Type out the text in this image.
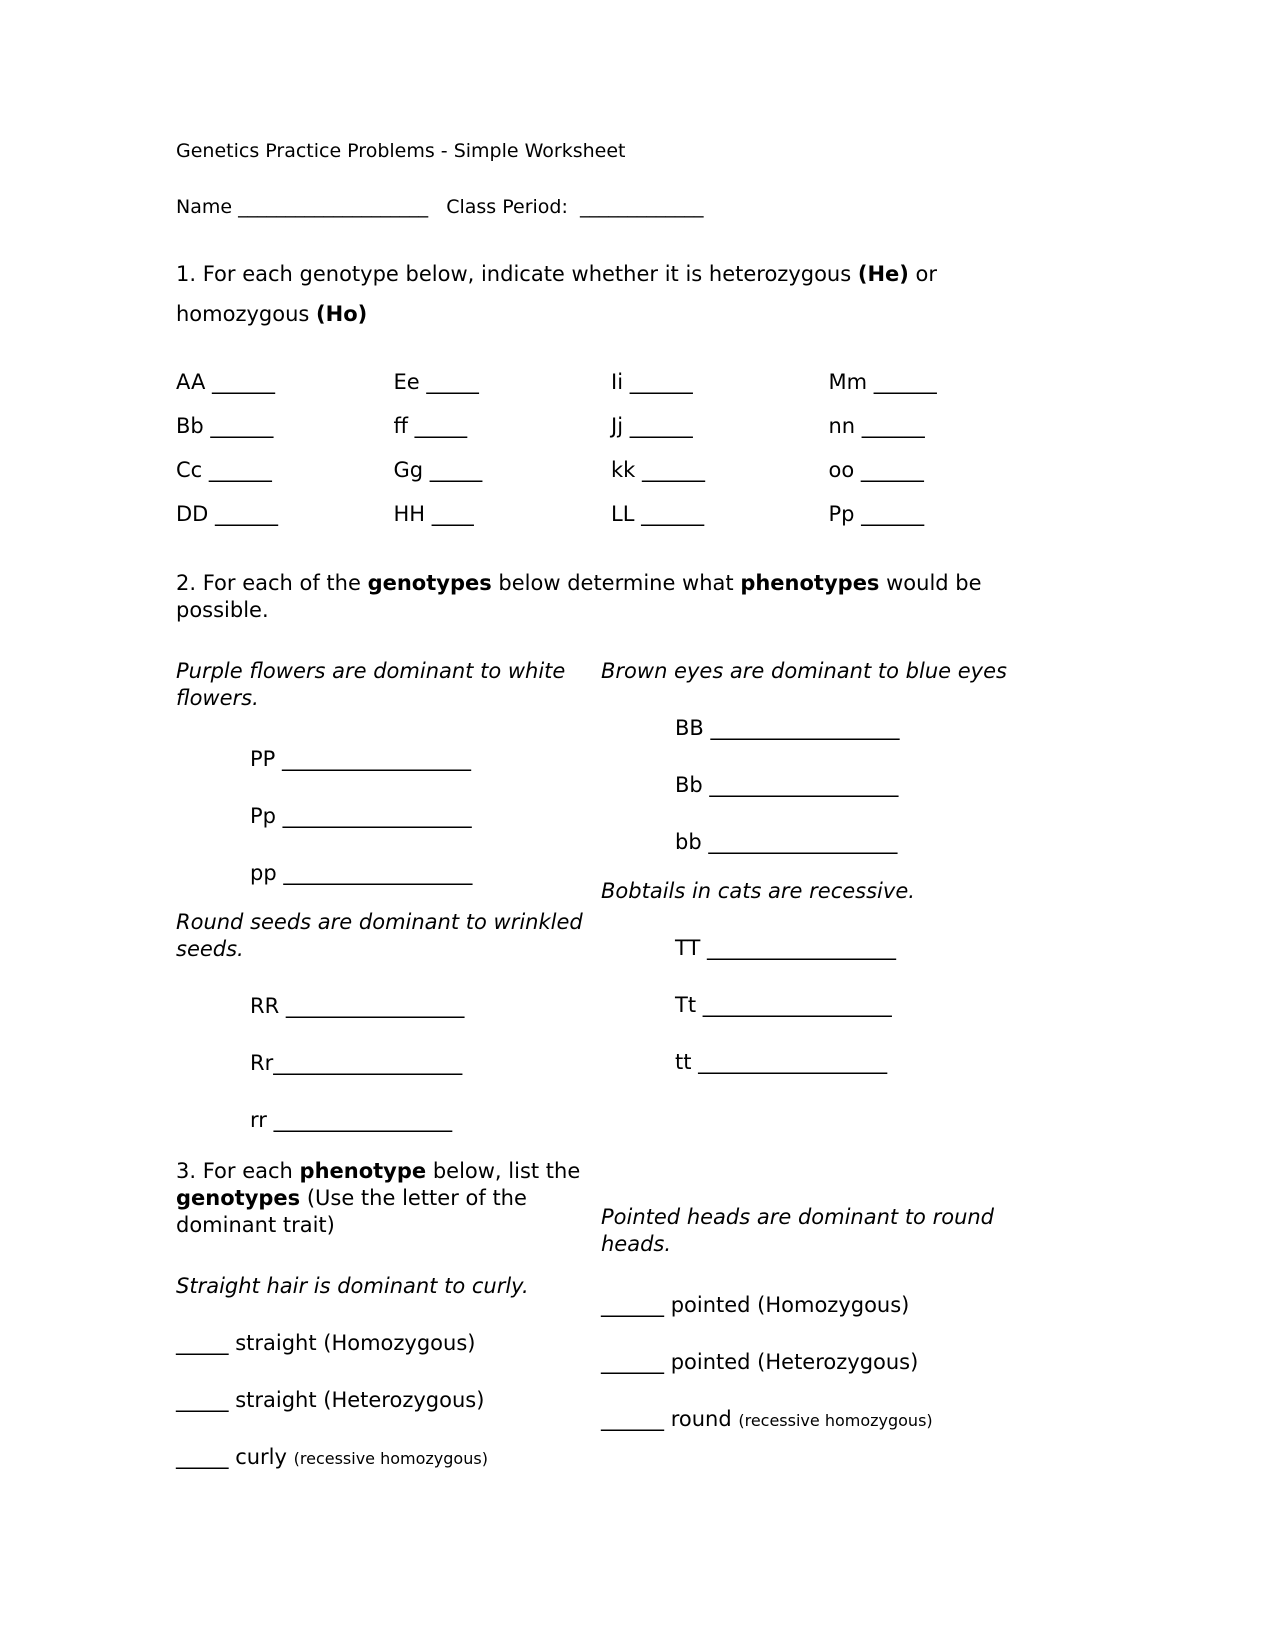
Genetics Practice Problems - Simple Worksheet
Name ____________________ Class Period:  _____________
1. For each genotype below, indicate whether it is heterozygous (He) or homozygous (Ho)
AA ______	Ee _____	Ii ______	Mm ______
Bb ______	ff _____	Jj ______	nn ______
Cc ______	Gg _____	kk ______	oo ______
DD ______	HH ____	LL ______	Pp ______
2. For each of the genotypes below determine what phenotypes would be possible.
Purple flowers are dominant to white flowers.
PP __________________
Pp __________________
pp __________________
Round seeds are dominant to wrinkled seeds.
RR _________________
Rr__________________
rr _________________
Brown eyes are dominant to blue eyes
BB __________________
Bb __________________
bb __________________
Bobtails in cats are recessive.
TT __________________
Tt __________________
tt __________________
3. For each phenotype below, list the genotypes (Use the letter of the dominant trait)
Straight hair is dominant to curly.
_____ straight (Homozygous)
_____ straight (Heterozygous)
_____ curly (recessive homozygous)
Pointed heads are dominant to round heads.
______ pointed (Homozygous)
______ pointed (Heterozygous)
______ round (recessive homozygous)
